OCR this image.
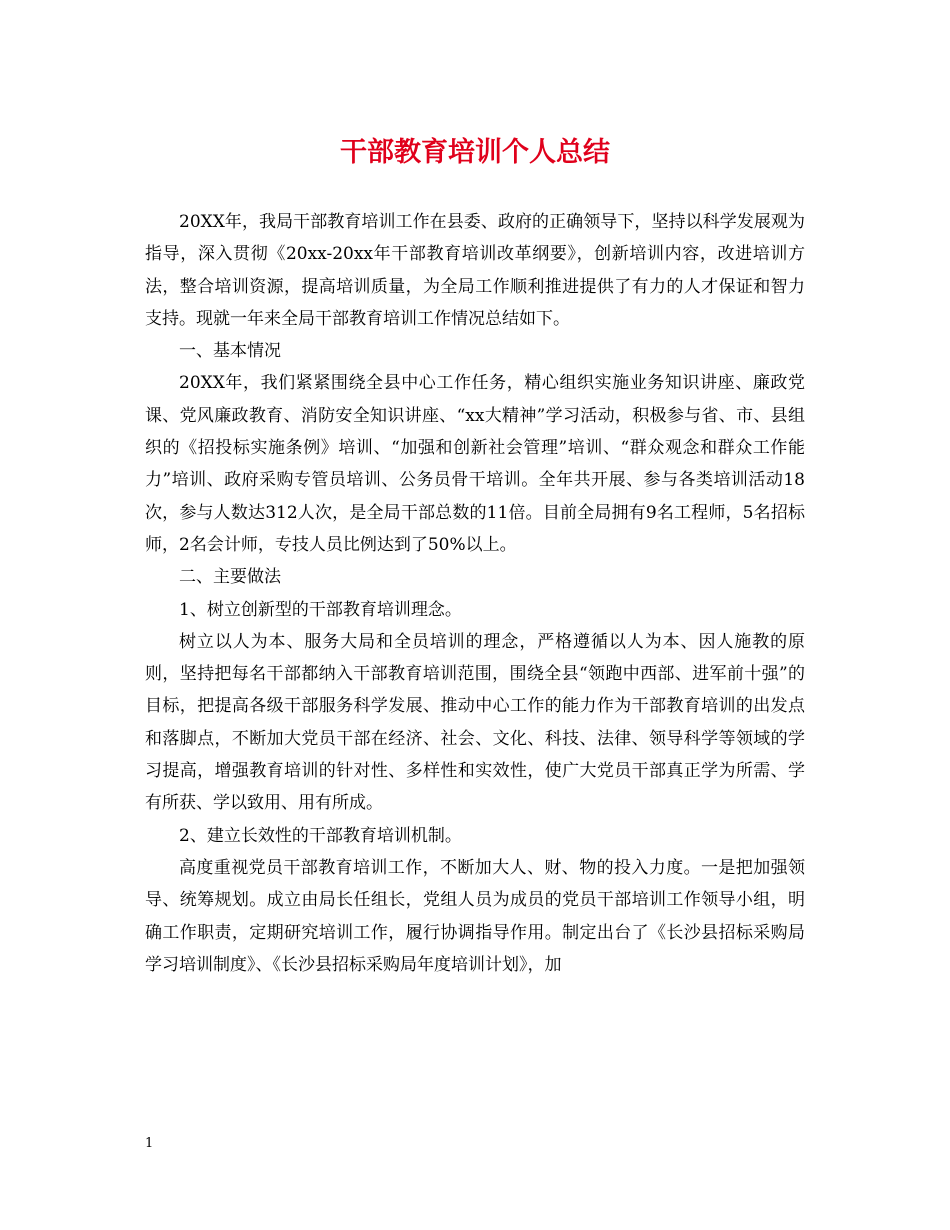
干部教育培训个人总结

20XX年，我局干部教育培训工作在县委、政府的正确领导下，坚持以科学发展观为指导，深入贯彻《20xx-20xx年干部教育培训改革纲要》，创新培训内容，改进培训方法，整合培训资源，提高培训质量，为全局工作顺利推进提供了有力的人才保证和智力支持。现就一年来全局干部教育培训工作情况总结如下。

一、基本情况

20XX年，我们紧紧围绕全县中心工作任务，精心组织实施业务知识讲座、廉政党课、党风廉政教育、消防安全知识讲座、“xx大精神”学习活动，积极参与省、市、县组织的《招投标实施条例》培训、“加强和创新社会管理”培训、“群众观念和群众工作能力”培训、政府采购专管员培训、公务员骨干培训。全年共开展、参与各类培训活动18次，参与人数达312人次，是全局干部总数的11倍。目前全局拥有9名工程师，5名招标师，2名会计师，专技人员比例达到了50%以上。

二、主要做法

1、树立创新型的干部教育培训理念。

树立以人为本、服务大局和全员培训的理念，严格遵循以人为本、因人施教的原则，坚持把每名干部都纳入干部教育培训范围，围绕全县“领跑中西部、进军前十强”的目标，把提高各级干部服务科学发展、推动中心工作的能力作为干部教育培训的出发点和落脚点，不断加大党员干部在经济、社会、文化、科技、法律、领导科学等领域的学习提高，增强教育培训的针对性、多样性和实效性，使广大党员干部真正学为所需、学有所获、学以致用、用有所成。

2、建立长效性的干部教育培训机制。

高度重视党员干部教育培训工作，不断加大人、财、物的投入力度。一是把加强领导、统筹规划。成立由局长任组长，党组人员为成员的党员干部培训工作领导小组，明确工作职责，定期研究培训工作，履行协调指导作用。制定出台了《长沙县招标采购局学习培训制度》、《长沙县招标采购局年度培训计划》，加

1
